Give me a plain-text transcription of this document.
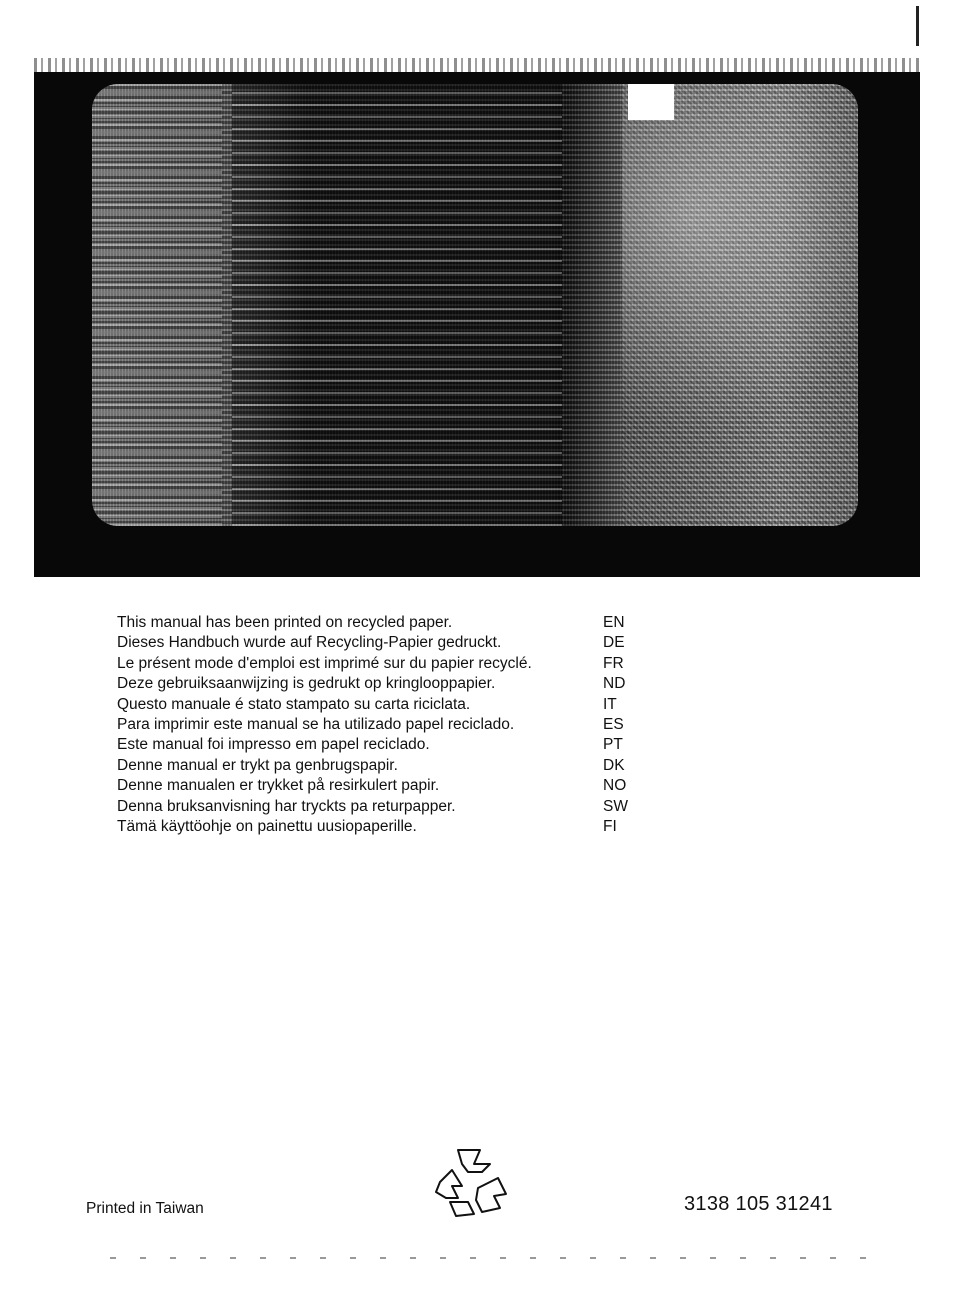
This manual has been printed on recycled paper.	EN
Dieses Handbuch wurde auf Recycling-Papier gedruckt.	DE
Le présent mode d'emploi est imprimé sur du papier recyclé.	FR
Deze gebruiksaanwijzing is gedrukt op kringlooppapier.	ND
Questo manuale é stato stampato su carta riciclata.	IT
Para imprimir este manual se ha utilizado papel reciclado.	ES
Este manual foi impresso em papel reciclado.	PT
Denne manual er trykt pa genbrugspapir.	DK
Denne manualen er trykket på resirkulert papir.	NO
Denna bruksanvisning har tryckts pa returpapper.	SW
Tämä käyttöohje on painettu uusiopaperille.	FI
Printed in Taiwan	3138 105 31241
